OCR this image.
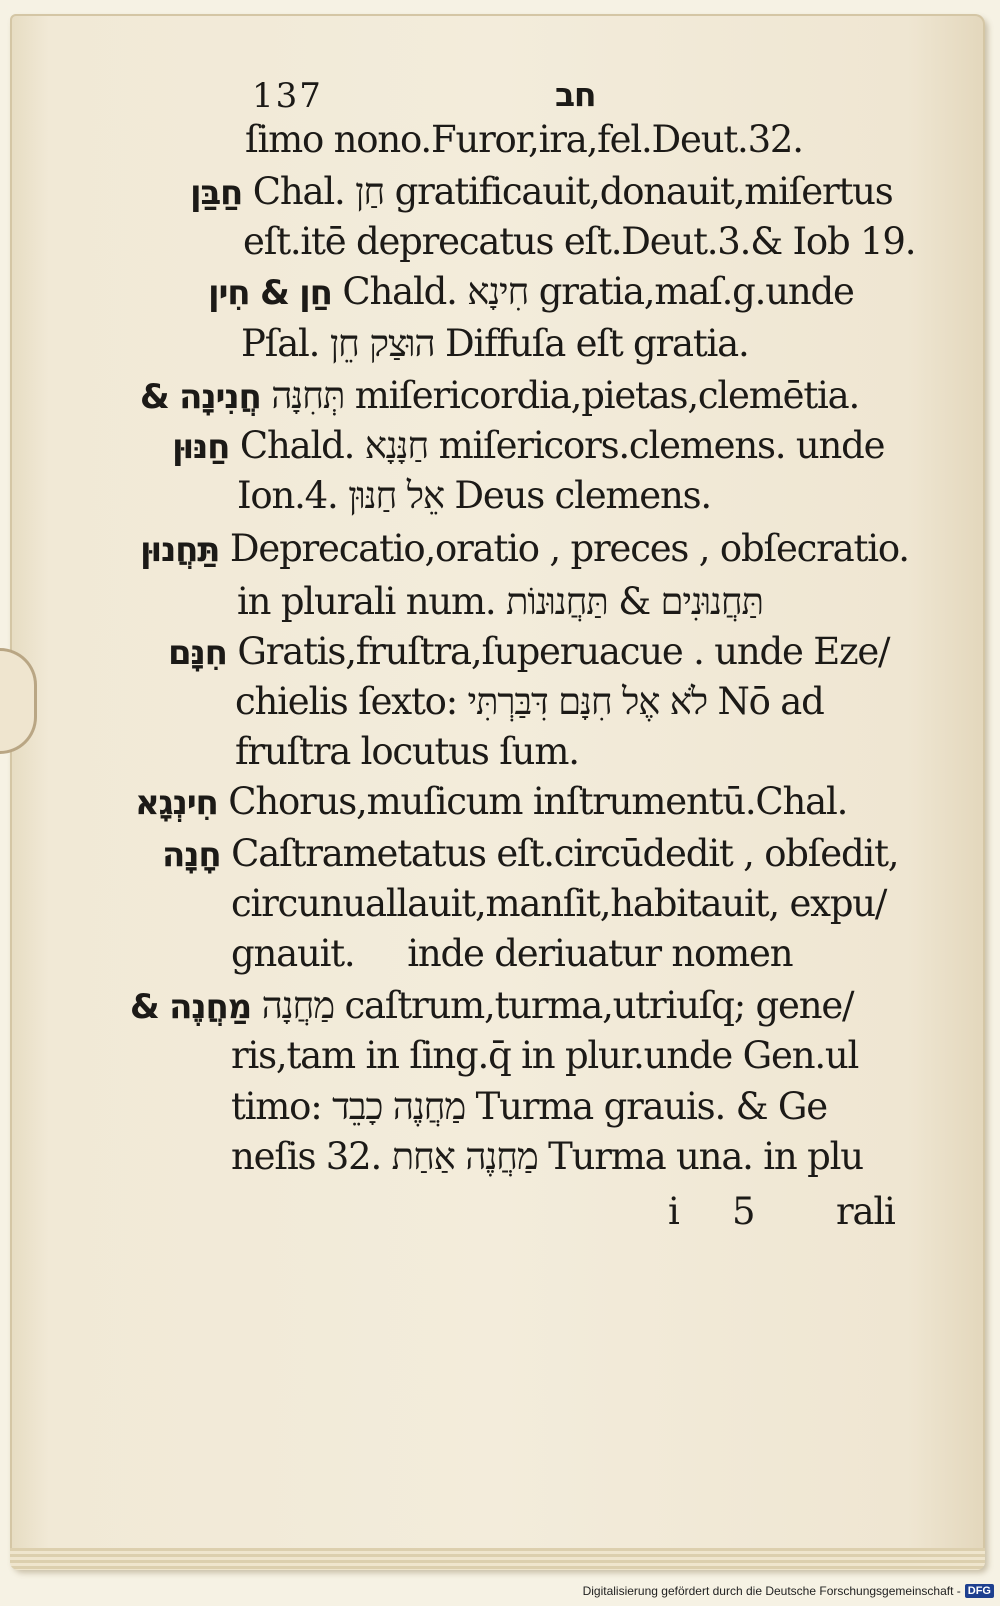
137	חב
ſimo nono.Furor,ira,fel.Deut.32.
חַבַּן Chal. חַן gratificauit,donauit,miſertus
eſt.itē deprecatus eſt.Deut.3.& Iob 19.
חַן & חִין Chald. חִינָא gratia,maſ.g.unde
Pſal. הוּצַק חֵן Diffuſa eſt gratia.
חֲנִינָה & תְּחִנָּה miſericordia,pietas,clemētia.
חַנּוּן Chald. חַנָּנָא miſericors.clemens. unde
Ion.4. אֵל חַנּוּן Deus clemens.
תַּחֲנוּן Deprecatio,oratio , preces , obſecratio.
in plurali num. תַּחֲנוּנִים & תַּחֲנוּנוֹת
חִנָּם Gratis,fruſtra,ſuperuacue . unde Eze/
chielis ſexto: לֹא אֶל חִנָּם דִּבַּרְתִּי Nō ad
fruſtra locutus ſum.
חִינְגָא Chorus,muſicum inſtrumentū.Chal.
חָנָה Caſtrametatus eſt.circūdedit , obſedit,
circunuallauit,manſit,habitauit, expu/
gnauit.     inde deriuatur nomen
מַחֲנֶה & מַחֲנָה caſtrum,turma,utriuſq; gene/
ris,tam in ſing.q̄ in plur.unde Gen.ul
timo: מַחֲנֶה כָבֵד Turma grauis. & Ge
neſis 32. מַחֲנֶה אַחַת Turma una. in plu
i 5 rali
Digitalisierung gefördert durch die Deutsche Forschungsgemeinschaft - DFG
